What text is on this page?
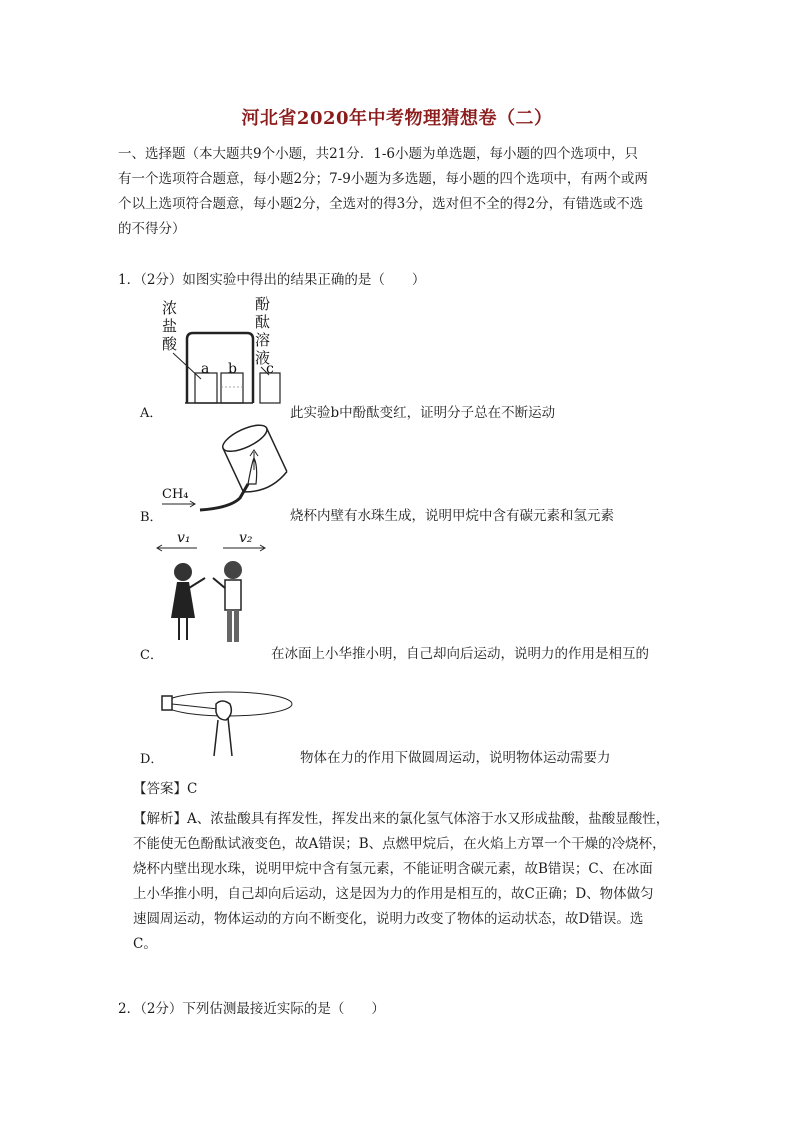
河北省2020年中考物理猜想卷（二）
一、选择题（本大题共9个小题，共21分．1-6小题为单选题，每小题的四个选项中，只
有一个选项符合题意，每小题2分；7-9小题为多选题，每小题的四个选项中，有两个或两
个以上选项符合题意，每小题2分，全选对的得3分，选对但不全的得2分，有错选或不选
的不得分）
1．（2分）如图实验中得出的结果正确的是（　　）
浓
盐
酸
酚
酞
溶
液
a b c
A．	此实验b中酚酞变红，证明分子总在不断运动
CH₄
B．	烧杯内壁有水珠生成，说明甲烷中含有碳元素和氢元素
v₁	v₂
C．	在冰面上小华推小明，自己却向后运动，说明力的作用是相互的
D．	物体在力的作用下做圆周运动，说明物体运动需要力
【答案】C
【解析】A、浓盐酸具有挥发性，挥发出来的氯化氢气体溶于水又形成盐酸，盐酸显酸性，
不能使无色酚酞试液变色，故A错误；B、点燃甲烷后，在火焰上方罩一个干燥的冷烧杯，
烧杯内壁出现水珠，说明甲烷中含有氢元素，不能证明含碳元素，故B错误；C、在冰面
上小华推小明，自己却向后运动，这是因为力的作用是相互的，故C正确；D、物体做匀
速圆周运动，物体运动的方向不断变化，说明力改变了物体的运动状态，故D错误。选
C。
2．（2分）下列估测最接近实际的是（　　）
